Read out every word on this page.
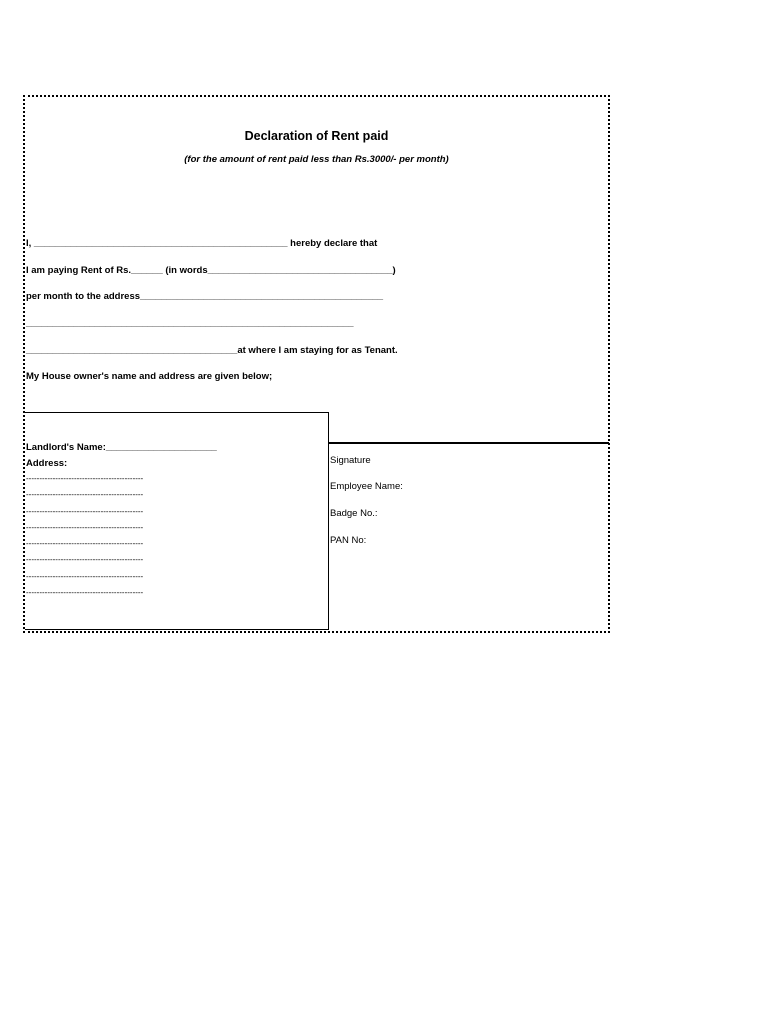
Declaration of Rent paid
(for the amount of rent paid less than Rs.3000/- per month)
I, ________________________________________________ hereby declare that
I am paying Rent of Rs.______ (in words___________________________________)
per month to the address______________________________________________
______________________________________________________________
________________________________________at where I am staying for as Tenant.
My House owner's name and address are given below;
Landlord's Name:_____________________
Address:
--------------------------------------------
--------------------------------------------
--------------------------------------------
--------------------------------------------
--------------------------------------------
--------------------------------------------
--------------------------------------------
--------------------------------------------
Signature
Employee Name:
Badge No.:
PAN No:
